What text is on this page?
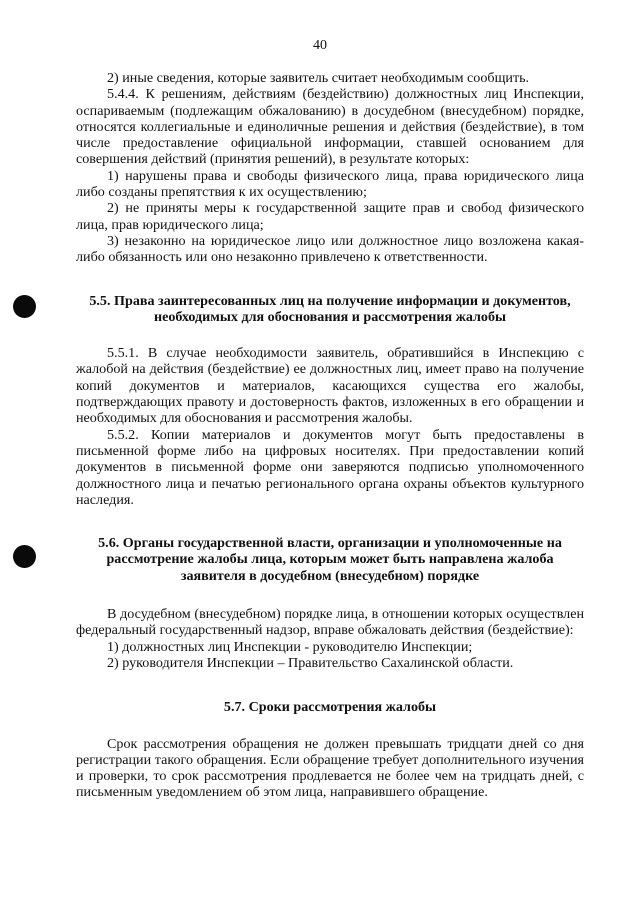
40

2) иные сведения, которые заявитель считает необходимым сообщить.

5.4.4. К решениям, действиям (бездействию) должностных лиц Инспекции, оспариваемым (подлежащим обжалованию) в досудебном (внесудебном) порядке, относятся коллегиальные и единоличные решения и действия (бездействие), в том числе предоставление официальной информации, ставшей основанием для совершения действий (принятия решений), в результате которых:

1) нарушены права и свободы физического лица, права юридического лица либо созданы препятствия к их осуществлению;

2) не приняты меры к государственной защите прав и свобод физического лица, прав юридического лица;

3) незаконно на юридическое лицо или должностное лицо возложена какая-либо обязанность или оно незаконно привлечено к ответственности.

5.5. Права заинтересованных лиц на получение информации и документов, необходимых для обоснования и рассмотрения жалобы

5.5.1. В случае необходимости заявитель, обратившийся в Инспекцию с жалобой на действия (бездействие) ее должностных лиц, имеет право на получение копий документов и материалов, касающихся существа его жалобы, подтверждающих правоту и достоверность фактов, изложенных в его обращении и необходимых для обоснования и рассмотрения жалобы.

5.5.2. Копии материалов и документов могут быть предоставлены в письменной форме либо на цифровых носителях. При предоставлении копий документов в письменной форме они заверяются подписью уполномоченного должностного лица и печатью регионального органа охраны объектов культурного наследия.

5.6. Органы государственной власти, организации и уполномоченные на рассмотрение жалобы лица, которым может быть направлена жалоба заявителя в досудебном (внесудебном) порядке

В досудебном (внесудебном) порядке лица, в отношении которых осуществлен федеральный государственный надзор, вправе обжаловать действия (бездействие):

1) должностных лиц Инспекции - руководителю Инспекции;

2) руководителя Инспекции – Правительство Сахалинской области.

5.7. Сроки рассмотрения жалобы

Срок рассмотрения обращения не должен превышать тридцати дней со дня регистрации такого обращения. Если обращение требует дополнительного изучения и проверки, то срок рассмотрения продлевается не более чем на тридцать дней, с письменным уведомлением об этом лица, направившего обращение.
